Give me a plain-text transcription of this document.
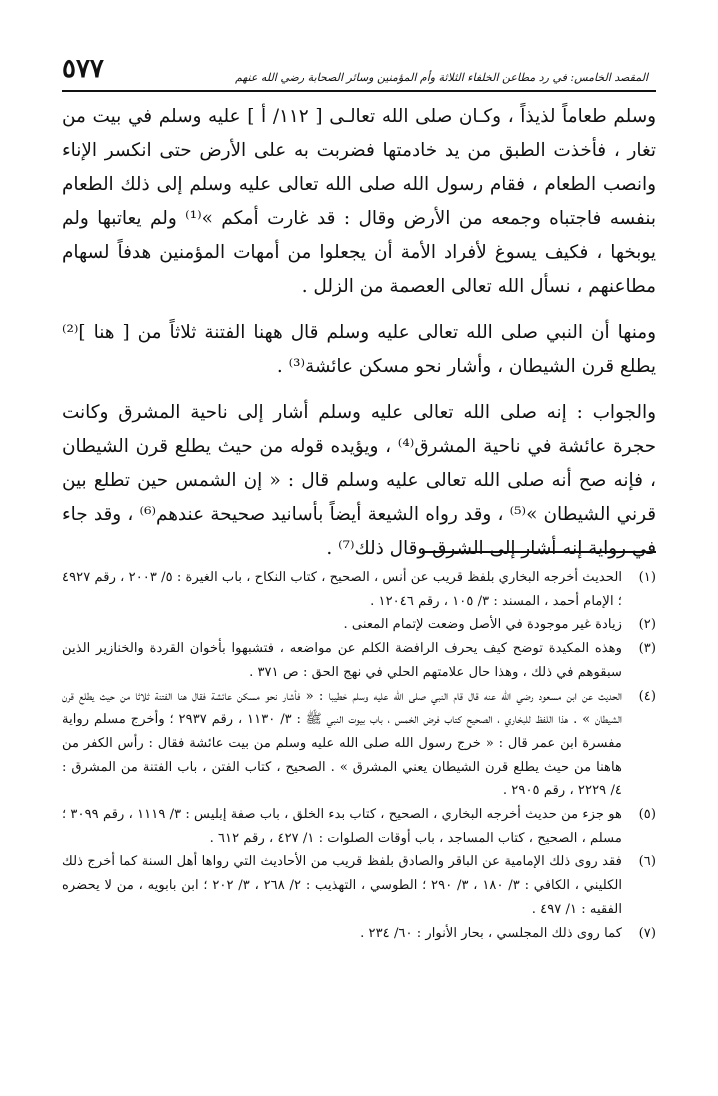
٥٧٧	المقصد الخامس: في رد مطاعن الخلفاء الثلاثة وأم المؤمنين وسائر الصحابة رضي الله عنهم

وسلم طعاماً لذيذاً ، وكـان صلى الله تعالـى [ ١١٢/ أ ] عليه وسلم في بيت من تغار ، فأخذت الطبق من يد خادمتها فضربت به على الأرض حتى انكسر الإناء وانصب الطعام ، فقام رسول الله صلى الله تعالى عليه وسلم إلى ذلك الطعام بنفسه فاجتباه وجمعه من الأرض وقال : قد غارت أمكم »⁽¹⁾ ولم يعاتبها ولم يوبخها ، فكيف يسوغ لأفراد الأمة أن يجعلوا من أمهات المؤمنين هدفاً لسهام مطاعنهم ، نسأل الله تعالى العصمة من الزلل .

ومنها أن النبي صلى الله تعالى عليه وسلم قال ههنا الفتنة ثلاثاً من [ هنا ]⁽²⁾ يطلع قرن الشيطان ، وأشار نحو مسكن عائشة⁽³⁾ .

والجواب : إنه صلى الله تعالى عليه وسلم أشار إلى ناحية المشرق وكانت حجرة عائشة في ناحية المشرق⁽⁴⁾ ، ويؤيده قوله من حيث يطلع قرن الشيطان ، فإنه صح أنه صلى الله تعالى عليه وسلم قال : « إن الشمس حين تطلع بين قرني الشيطان »⁽⁵⁾ ، وقد رواه الشيعة أيضاً بأسانيد صحيحة عندهم⁽⁶⁾ ، وقد جاء في رواية إنه أشار إلى الشرق وقال ذلك⁽⁷⁾ .

(١)
الحديث أخرجه البخاري بلفظ قريب عن أنس ، الصحيح ، كتاب النكاح ، باب الغيرة : ٥/ ٢٠٠٣ ، رقم ٤٩٢٧ ؛ الإمام أحمد ، المسند : ٣/ ١٠٥ ، رقم ١٢٠٤٦ .
(٢)
زيادة غير موجودة في الأصل وضعت لإتمام المعنى .
(٣)
وهذه المكيدة توضح كيف يحرف الرافضة الكلم عن مواضعه ، فتشبهوا بأخوان القردة والخنازير الذين سبقوهم في ذلك ، وهذا حال علامتهم الحلي في نهج الحق : ص ٣٧١ .
(٤)
الحديث عن ابن مسعود رضي الله عنه قال قام النبي صلى الله عليه وسلم خطيبا : « فأشار نحو مسكن عائشة فقال هنا الفتنة ثلاثا من حيث يطلع قرن الشيطان » . هذا اللفظ للبخاري ، الصحيح كتاب فرض الخمس ، باب بيوت النبي ﷺ : ٣/ ١١٣٠ ، رقم ٢٩٣٧ ؛ وأخرج مسلم رواية مفسرة ابن عمر قال : « خرج رسول الله صلى الله عليه وسلم من بيت عائشة فقال : رأس الكفر من هاهنا من حيث يطلع قرن الشيطان يعني المشرق » . الصحيح ، كتاب الفتن ، باب الفتنة من المشرق : ٤/ ٢٢٢٩ ، رقم ٢٩٠٥ .
(٥)
هو جزء من حديث أخرجه البخاري ، الصحيح ، كتاب بدء الخلق ، باب صفة إبليس : ٣/ ١١١٩ ، رقم ٣٠٩٩ ؛ مسلم ، الصحيح ، كتاب المساجد ، باب أوقات الصلوات : ١/ ٤٢٧ ، رقم ٦١٢ .
(٦)
فقد روى ذلك الإمامية عن الباقر والصادق بلفظ قريب من الأحاديث التي رواها أهل السنة كما أخرج ذلك الكليني ، الكافي : ٣/ ١٨٠ ، ٣/ ٢٩٠ ؛ الطوسي ، التهذيب : ٢/ ٢٦٨ ، ٣/ ٢٠٢ ؛ ابن بابويه ، من لا يحضره الفقيه : ١/ ٤٩٧ .
(٧)
كما روى ذلك المجلسي ، بحار الأنوار : ٦٠/ ٢٣٤ .
